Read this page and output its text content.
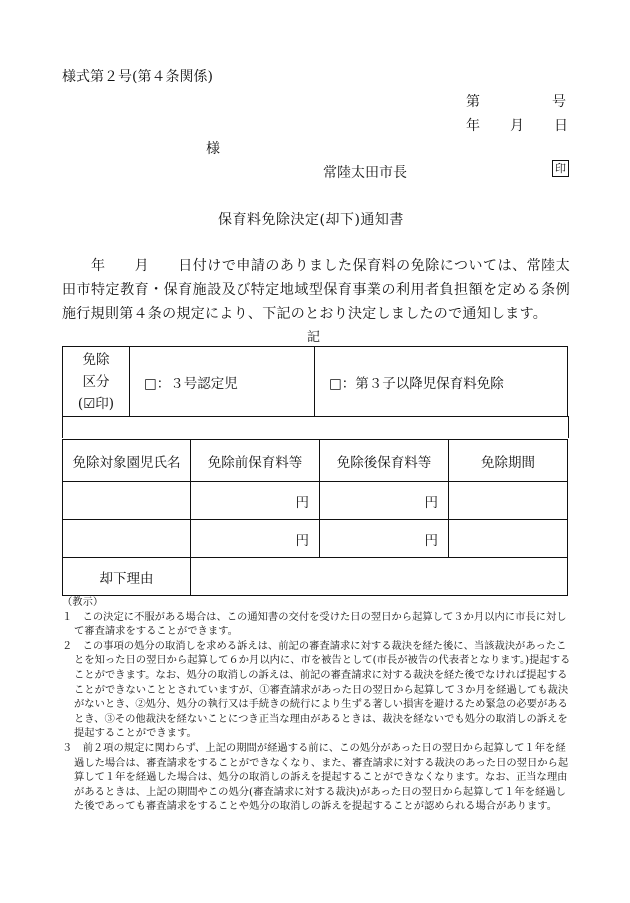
様式第２号(第４条関係)
第	号
年 月 日
様
常陸太田市長	印
保育料免除決定(却下)通知書
　　年　　月　　日付けで申請のありました保育料の免除については、常陸太田市特定教育・保育施設及び特定地域型保育事業の利用者負担額を定める条例施行規則第４条の規定により、下記のとおり決定しましたので通知します。
記
免除
区分
(☑印)
	□：３号認定児	□：第３子以降児保育料免除
免除対象園児氏名	免除前保育料等	免除後保育料等	免除期間
	円	円	
	円	円	
却下理由			
（教示）
１　この決定に不服がある場合は、この通知書の交付を受けた日の翌日から起算して３か月以内に市長に対して審査請求をすることができます。
２　この事項の処分の取消しを求める訴えは、前記の審査請求に対する裁決を経た後に、当該裁決があったことを知った日の翌日から起算して６か月以内に、市を被告として(市長が被告の代表者となります。)提起することができます。なお、処分の取消しの訴えは、前記の審査請求に対する裁決を経た後でなければ提起することができないこととされていますが、①審査請求があった日の翌日から起算して３か月を経過しても裁決がないとき、②処分、処分の執行又は手続きの続行により生ずる著しい損害を避けるため緊急の必要があるとき、③その他裁決を経ないことにつき正当な理由があるときは、裁決を経ないでも処分の取消しの訴えを提起することができます。
３　前２項の規定に関わらず、上記の期間が経過する前に、この処分があった日の翌日から起算して１年を経過した場合は、審査請求をすることができなくなり、また、審査請求に対する裁決のあった日の翌日から起算して１年を経過した場合は、処分の取消しの訴えを提起することができなくなります。なお、正当な理由があるときは、上記の期間やこの処分(審査請求に対する裁決)があった日の翌日から起算して１年を経過した後であっても審査請求をすることや処分の取消しの訴えを提起することが認められる場合があります。
